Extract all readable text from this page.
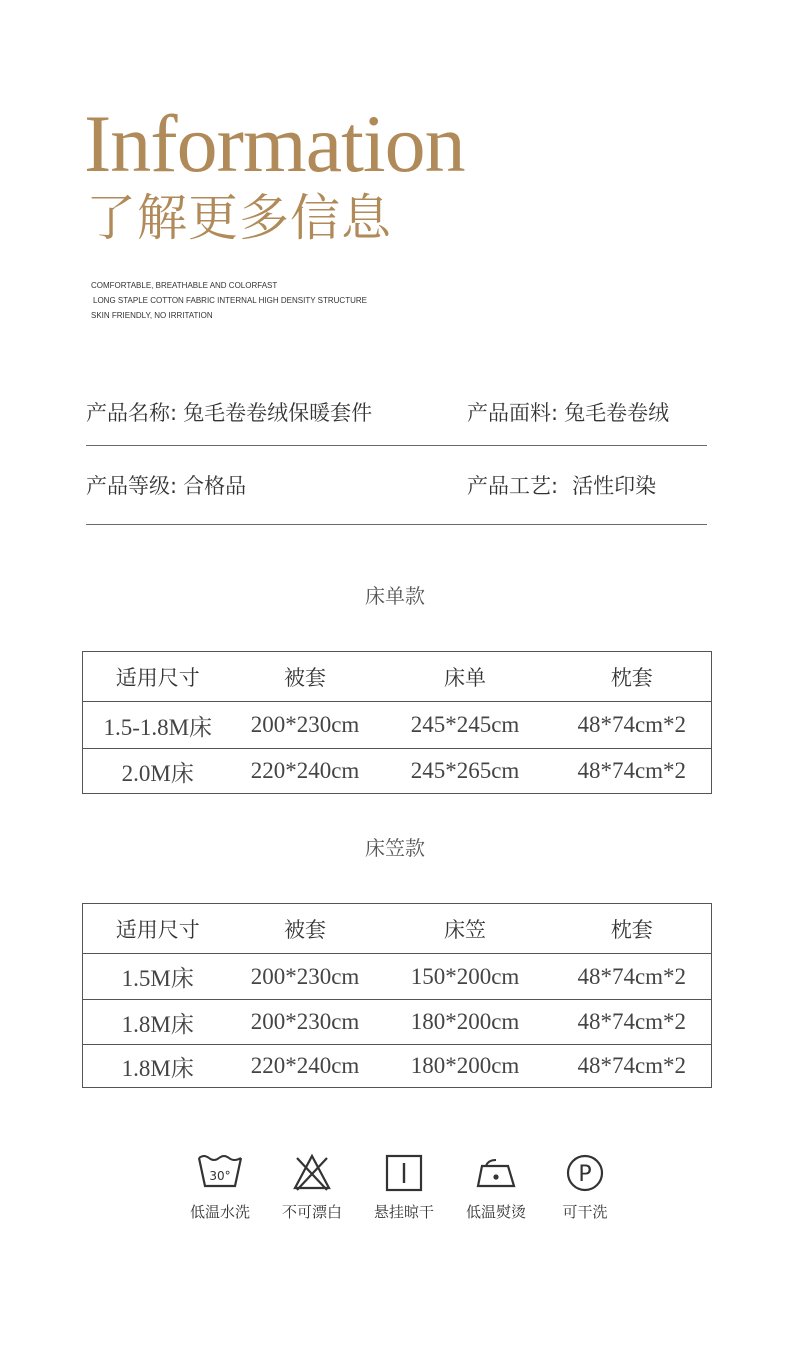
Information
了解更多信息
COMFORTABLE, BREATHABLE AND COLORFAST
LONG STAPLE COTTON FABRIC INTERNAL HIGH DENSITY STRUCTURE
SKIN FRIENDLY, NO IRRITATION
产品名称: 兔毛卷卷绒保暖套件	产品面料: 兔毛卷卷绒
产品等级: 合格品	产品工艺: 活性印染
床单款
适用尺寸	被套	床单	枕套
1.5-1.8M床	200*230cm	245*245cm	48*74cm*2
2.0M床	220*240cm	245*265cm	48*74cm*2
床笠款
适用尺寸	被套	床笠	枕套
1.5M床	200*230cm	150*200cm	48*74cm*2
1.8M床	200*230cm	180*200cm	48*74cm*2
1.8M床	220*240cm	180*200cm	48*74cm*2
30°
低温水洗	不可漂白	悬挂晾干	低温熨烫
P
可干洗
